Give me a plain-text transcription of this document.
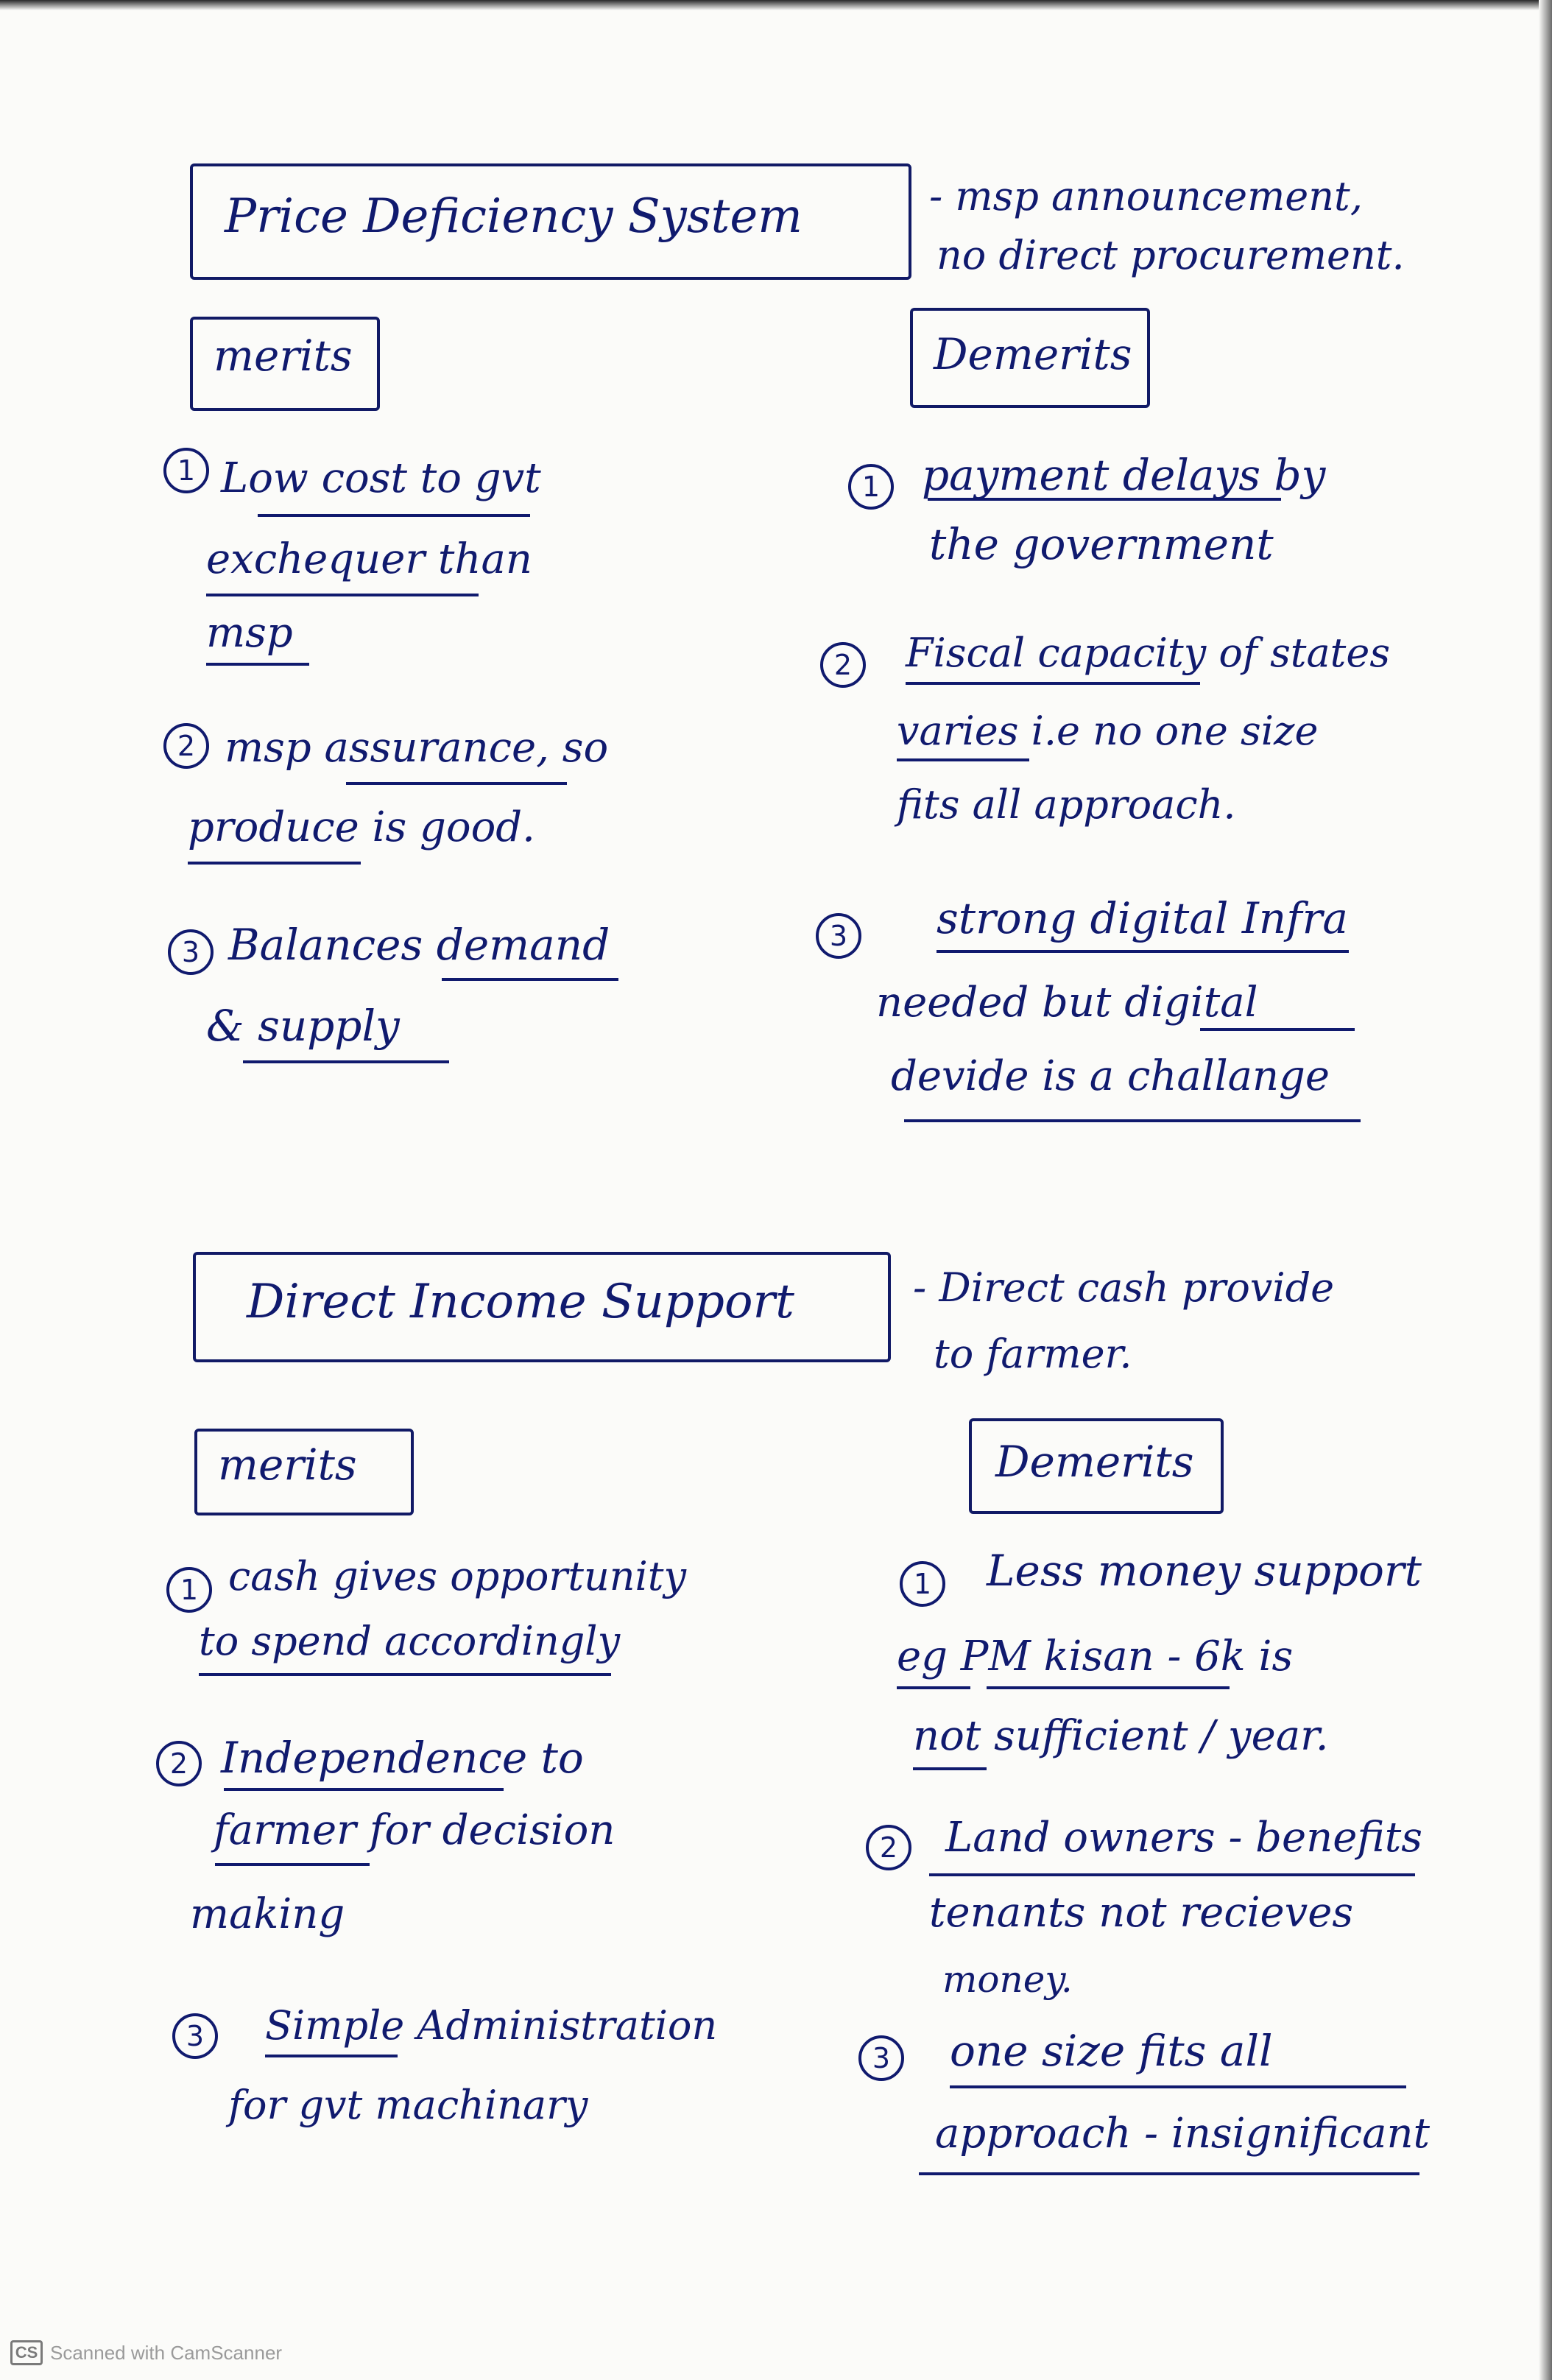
Price Deficiency System	- msp announcement,
no direct procurement.
merits	Demerits
1 Low cost to gvt
exchequer than
msp
2 msp assurance, so
produce is good.
3 Balances demand
& supply
1 payment delays by
the government
2	Fiscal capacity of states
varies i.e no one size
fits all approach.
3	strong digital Infra
needed but digital
devide is a challange
Direct Income Support	- Direct cash provide
to farmer.
merits	Demerits
1 cash gives opportunity
to spend accordingly
2 Independence to
farmer for decision
making
3	Simple Administration
for gvt machinary
1	Less money support
eg PM kisan - 6k is
not sufficient / year.
2	Land owners - benefits
tenants not recieves
money.
3	one size fits all
approach - insignificant
CS Scanned with CamScanner
